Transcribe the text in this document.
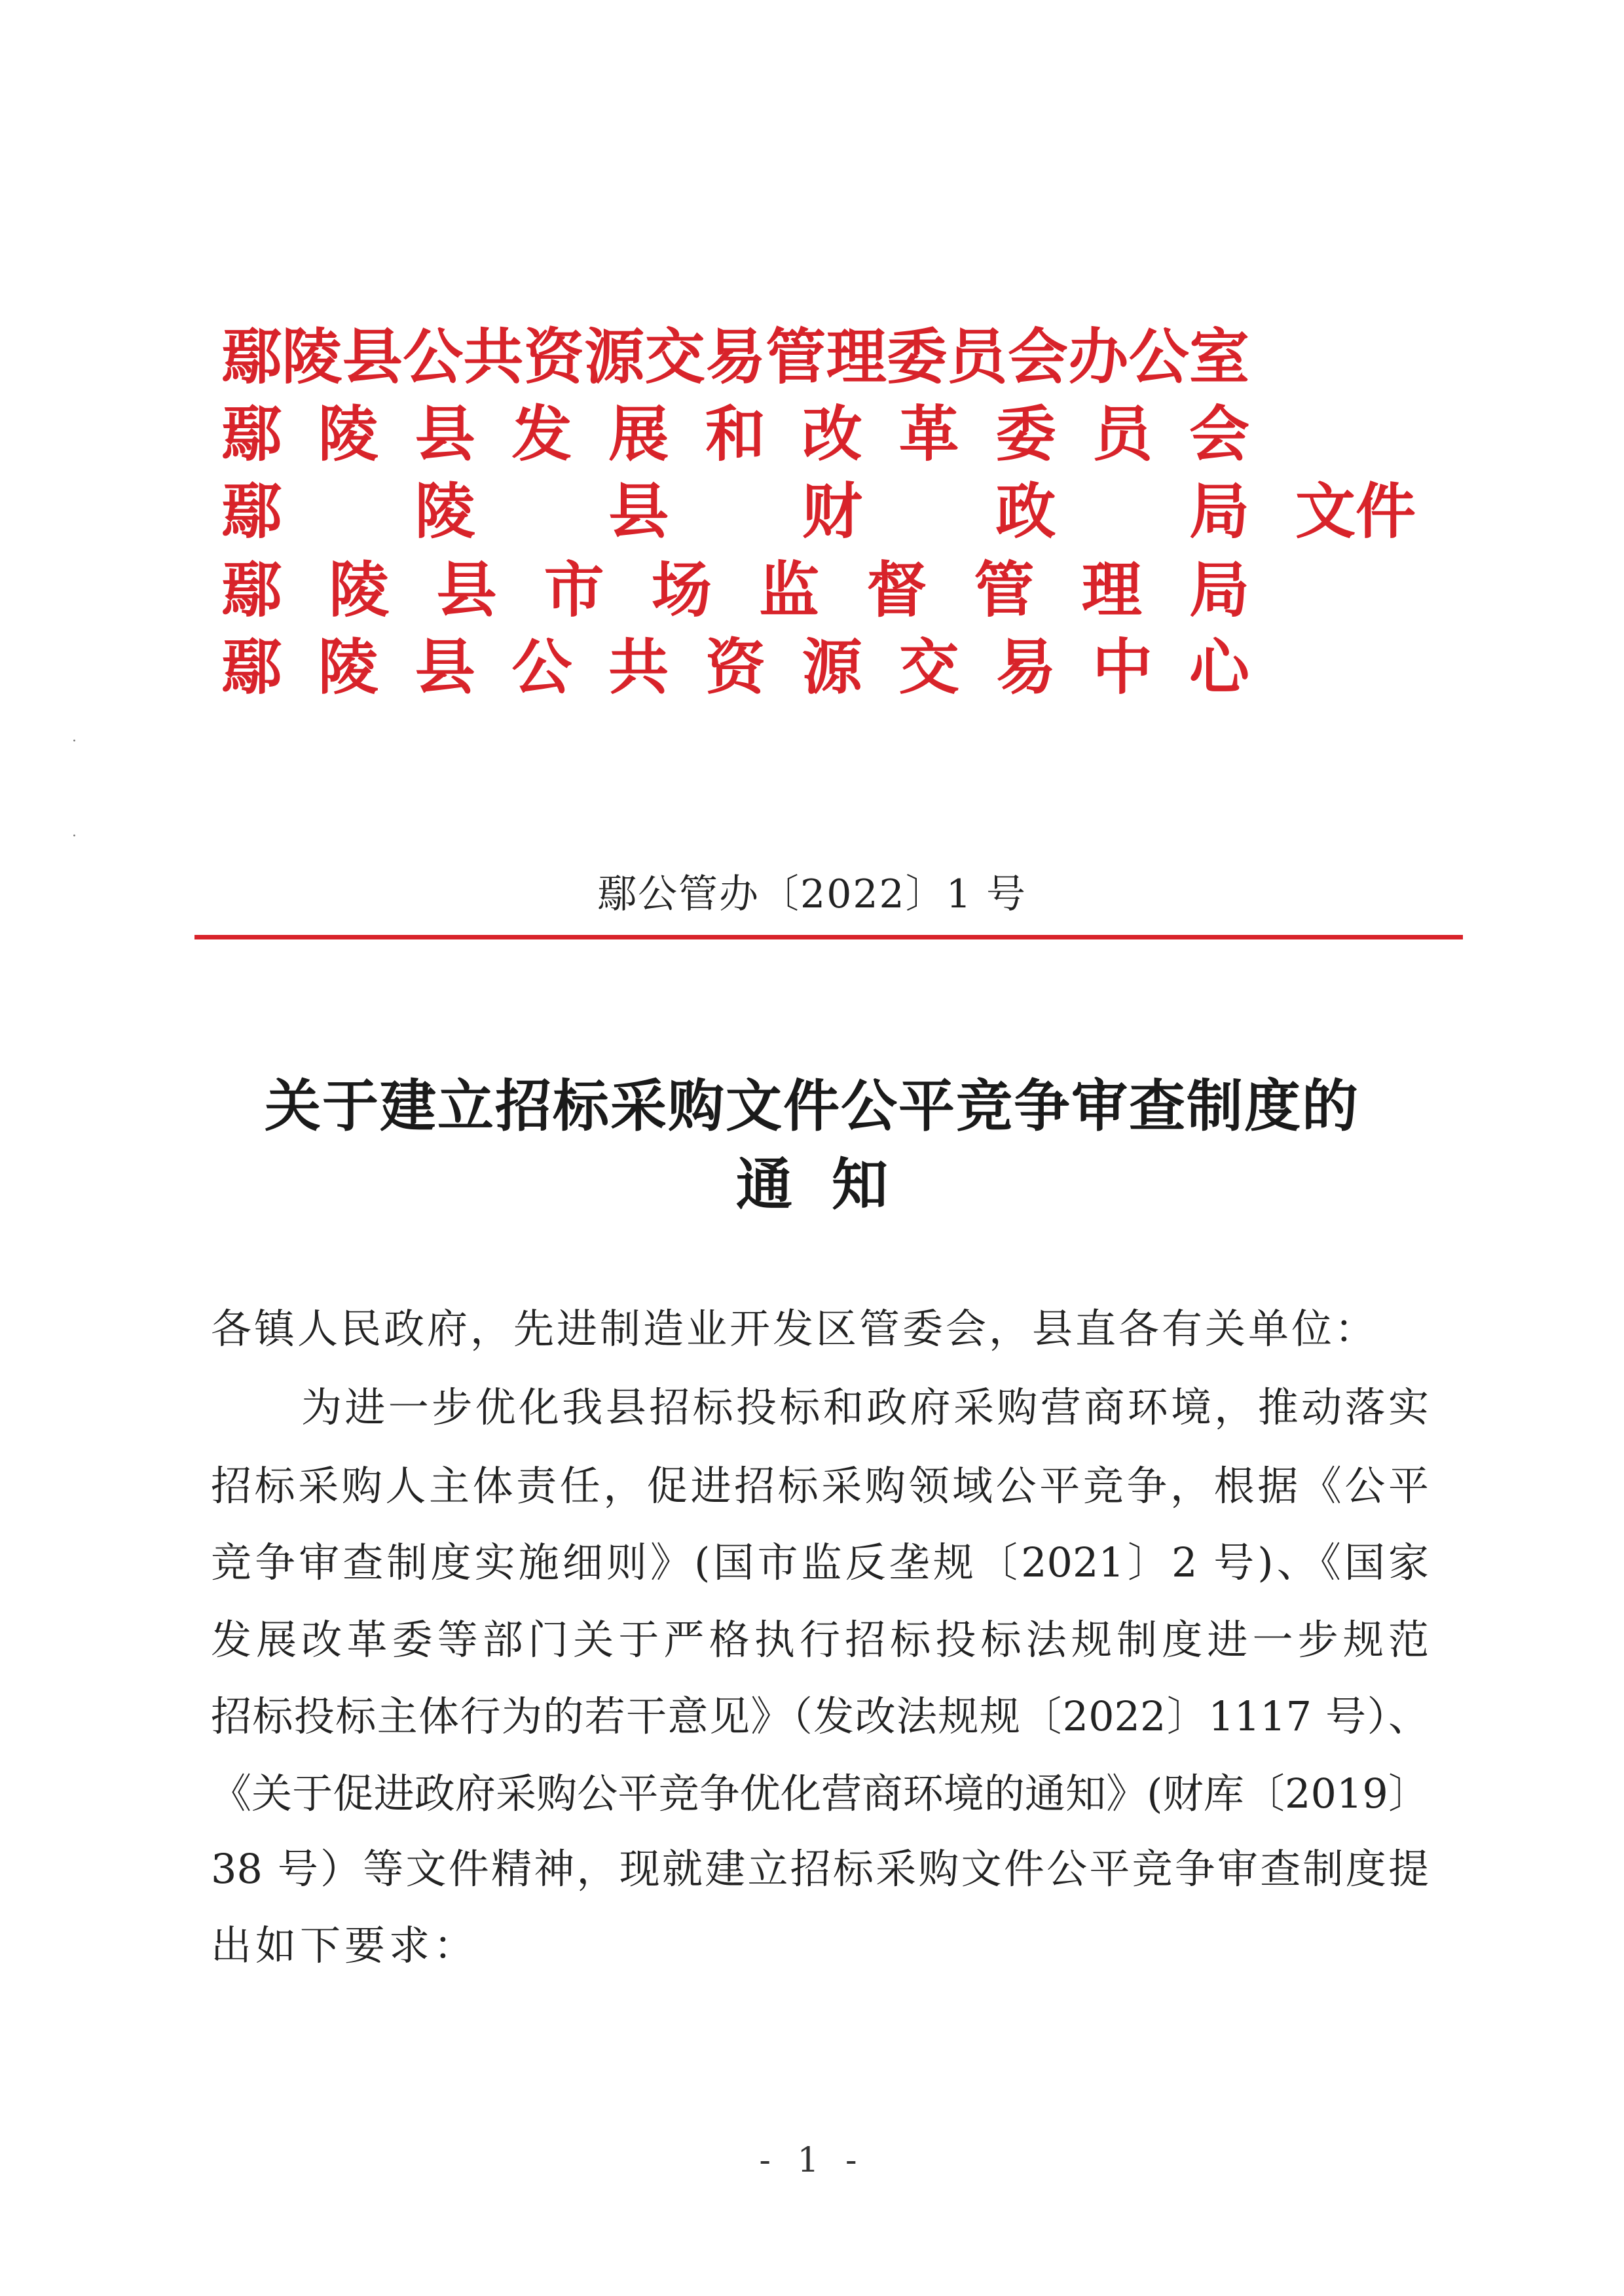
鄢陵县公共资源交易管理委员会办公室
鄢 陵 县 发 展 和 改 革 委 员 会
鄢 陵 县 财 政 局
鄢 陵 县 市 场 监 督 管 理 局
鄢 陵 县 公 共 资 源 交 易 中 心
文件
·
·
鄢公管办〔2022〕1 号
关于建立招标采购文件公平竞争审查制度的
通知
各镇人民政府，先进制造业开发区管委会，县直各有关单位：
为进一步优化我县招标投标和政府采购营商环境，推动落实
招标采购人主体责任，促进招标采购领域公平竞争，根据《公平
竞争审查制度实施细则》(国市监反垄规〔2021〕2 号)、《国家
发展改革委等部门关于严格执行招标投标法规制度进一步规范
招标投标主体行为的若干意见》（发改法规规〔2022〕1117 号）、
《关于促进政府采购公平竞争优化营商环境的通知》(财库〔2019〕
38 号）等文件精神，现就建立招标采购文件公平竞争审查制度提
出如下要求：
- 1 -
